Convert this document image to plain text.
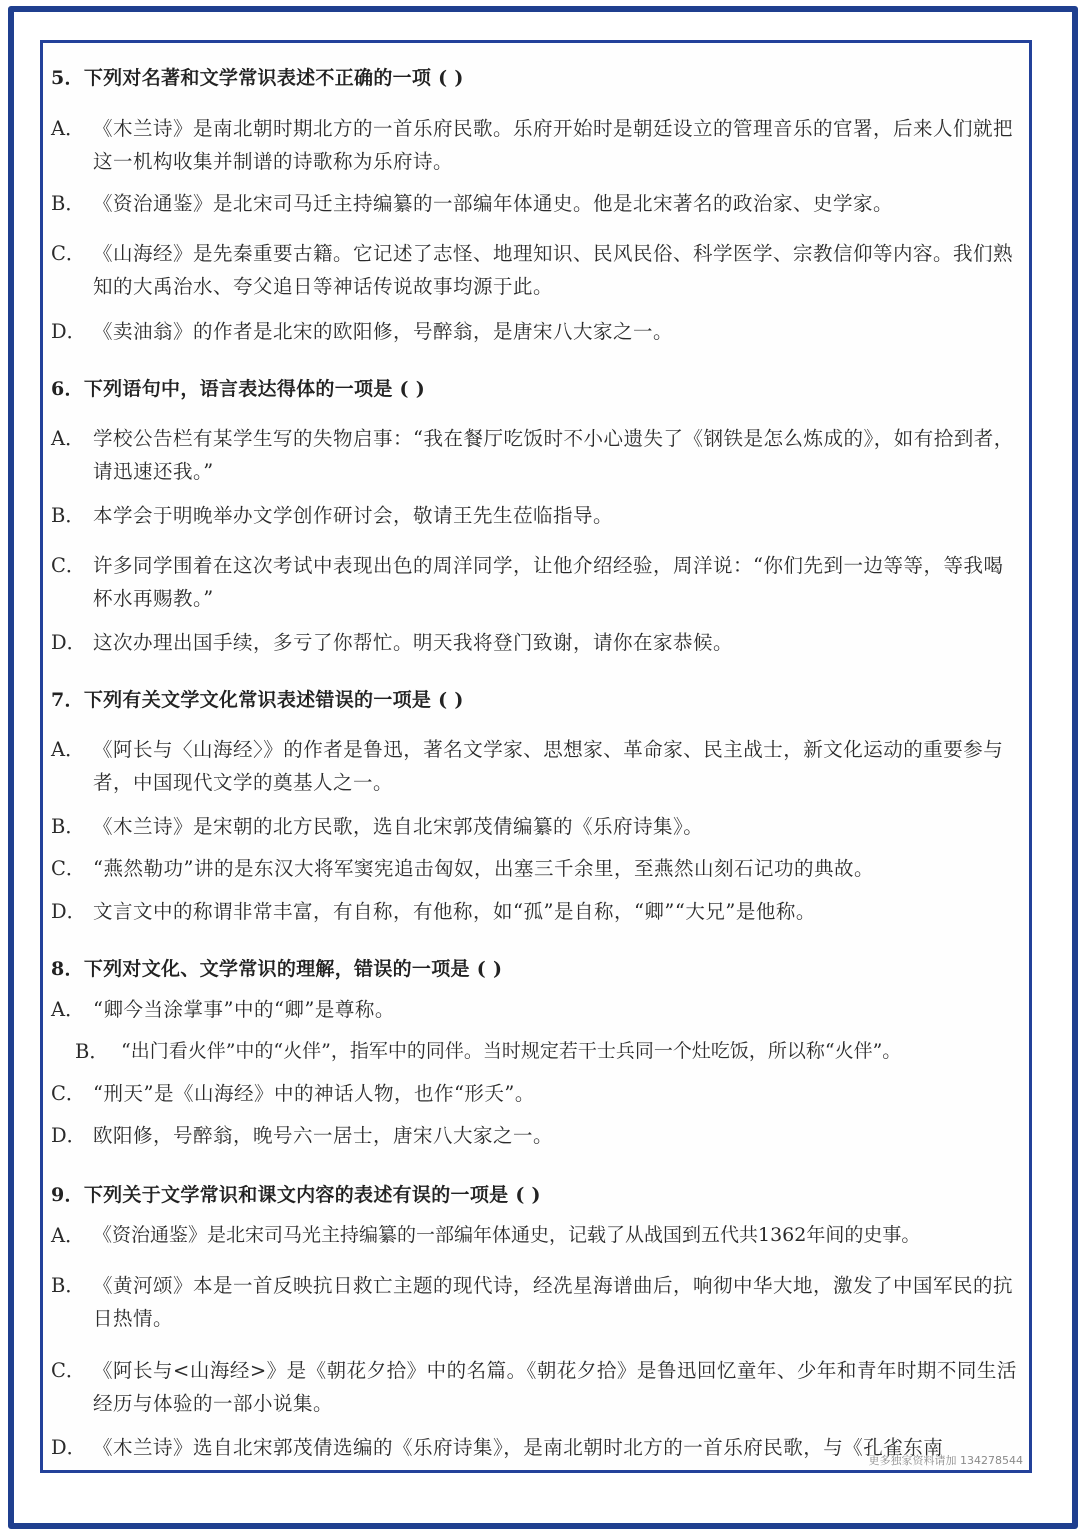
5．下列对名著和文学常识表述不正确的一项 ( )
A． 《木兰诗》是南北朝时期北方的一首乐府民歌。乐府开始时是朝廷设立的管理音乐的官署，后来人们就把这一机构收集并制谱的诗歌称为乐府诗。
B． 《资治通鉴》是北宋司马迁主持编纂的一部编年体通史。他是北宋著名的政治家、史学家。
C． 《山海经》是先秦重要古籍。它记述了志怪、地理知识、民风民俗、科学医学、宗教信仰等内容。我们熟知的大禹治水、夸父追日等神话传说故事均源于此。
D． 《卖油翁》的作者是北宋的欧阳修，号醉翁，是唐宋八大家之一。
6．下列语句中，语言表达得体的一项是 ( )
A． 学校公告栏有某学生写的失物启事：“我在餐厅吃饭时不小心遗失了《钢铁是怎么炼成的》，如有拾到者，请迅速还我。”
B． 本学会于明晚举办文学创作研讨会，敬请王先生莅临指导。
C． 许多同学围着在这次考试中表现出色的周洋同学，让他介绍经验，周洋说：“你们先到一边等等，等我喝杯水再赐教。”
D． 这次办理出国手续，多亏了你帮忙。明天我将登门致谢，请你在家恭候。
7．下列有关文学文化常识表述错误的一项是 ( )
A． 《阿长与〈山海经〉》的作者是鲁迅，著名文学家、思想家、革命家、民主战士，新文化运动的重要参与者，中国现代文学的奠基人之一。
B． 《木兰诗》是宋朝的北方民歌，选自北宋郭茂倩编纂的《乐府诗集》。
C． “燕然勒功”讲的是东汉大将军窦宪追击匈奴，出塞三千余里，至燕然山刻石记功的典故。
D． 文言文中的称谓非常丰富，有自称，有他称，如“孤”是自称，“卿”“大兄”是他称。
8．下列对文化、文学常识的理解，错误的一项是 ( )
A． “卿今当涂掌事”中的“卿”是尊称。
B． “出门看火伴”中的“火伴”，指军中的同伴。当时规定若干士兵同一个灶吃饭，所以称“火伴”。
C． “刑天”是《山海经》中的神话人物，也作“形夭”。
D． 欧阳修，号醉翁，晚号六一居士，唐宋八大家之一。
9．下列关于文学常识和课文内容的表述有误的一项是 ( )
A． 《资治通鉴》是北宋司马光主持编纂的一部编年体通史，记载了从战国到五代共1362年间的史事。
B． 《黄河颂》本是一首反映抗日救亡主题的现代诗，经冼星海谱曲后，响彻中华大地，激发了中国军民的抗日热情。
C． 《阿长与<山海经>》是《朝花夕拾》中的名篇。《朝花夕拾》是鲁迅回忆童年、少年和青年时期不同生活经历与体验的一部小说集。
D． 《木兰诗》选自北宋郭茂倩选编的《乐府诗集》，是南北朝时北方的一首乐府民歌，与《孔雀东南
更多独家资料请加 134278544
